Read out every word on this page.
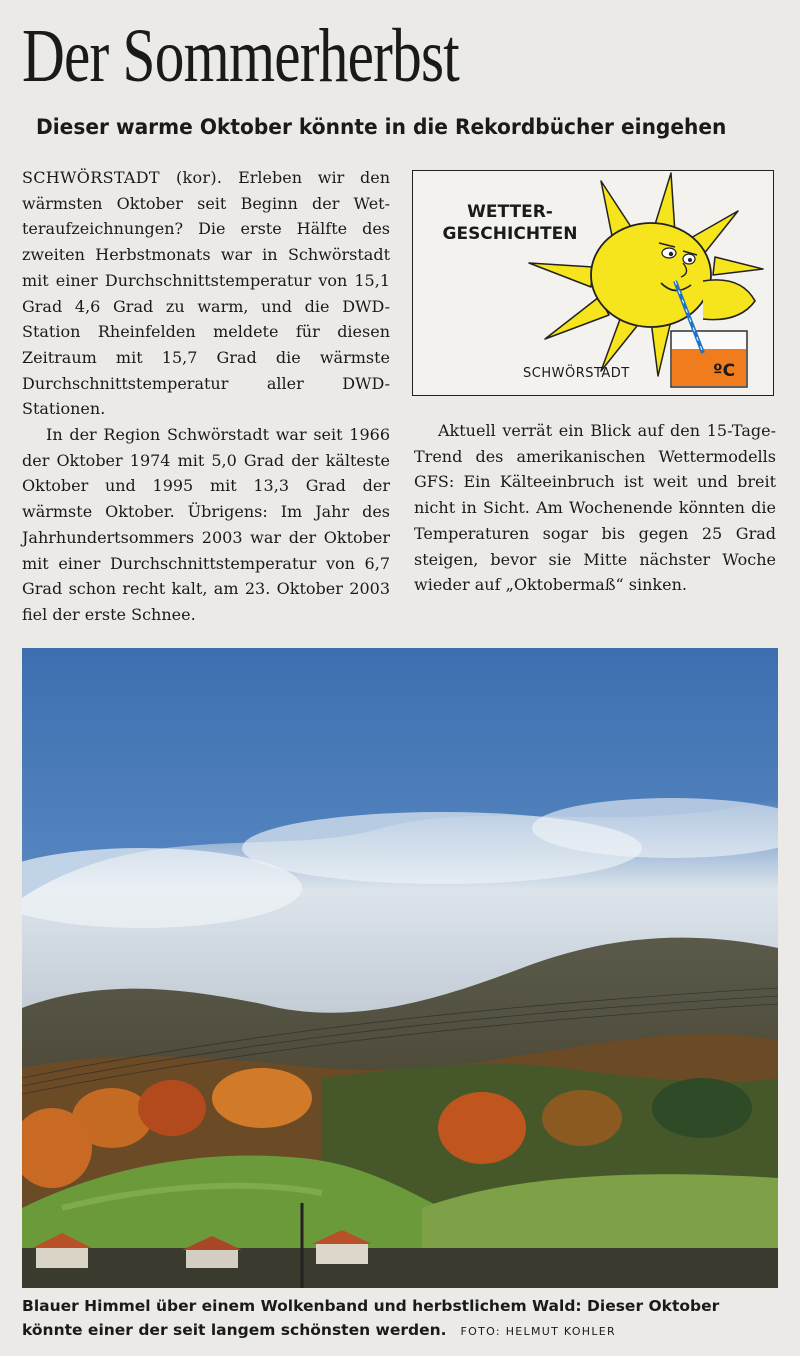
Der Sommerherbst
Dieser warme Oktober könnte in die Rekordbücher eingehen

SCHWÖRSTADT (kor). Erleben wir den wärmsten Oktober seit Beginn der Wetteraufzeichnungen? Die erste Hälfte des zweiten Herbstmonats war in Schwörstadt mit einer Durchschnittstemperatur von 15,1 Grad 4,6 Grad zu warm, und die DWD-Station Rheinfelden meldete für diesen Zeitraum mit 15,7 Grad die wärmste Durchschnittstemperatur aller DWD-Stationen.

In der Region Schwörstadt war seit 1966 der Oktober 1974 mit 5,0 Grad der kälteste Oktober und 1995 mit 13,3 Grad der wärmste Oktober. Übrigens: Im Jahr des Jahrhundertsommers 2003 war der Oktober mit einer Durchschnittstemperatur von 6,7 Grad schon recht kalt, am 23. Oktober 2003 fiel der erste Schnee.

WETTER-
GESCHICHTEN

SCHWÖRSTADT	ºC

Aktuell verrät ein Blick auf den 15-Tage-Trend des amerikanischen Wettermodells GFS: Ein Kälteeinbruch ist weit und breit nicht in Sicht. Am Wochenende könnten die Temperaturen sogar bis gegen 25 Grad steigen, bevor sie Mitte nächster Woche wieder auf „Oktobermaß“ sinken.

Blauer Himmel über einem Wolkenband und herbstlichem Wald: Dieser Oktober könnte einer der seit langem schönsten werden. FOTO: HELMUT KOHLER
